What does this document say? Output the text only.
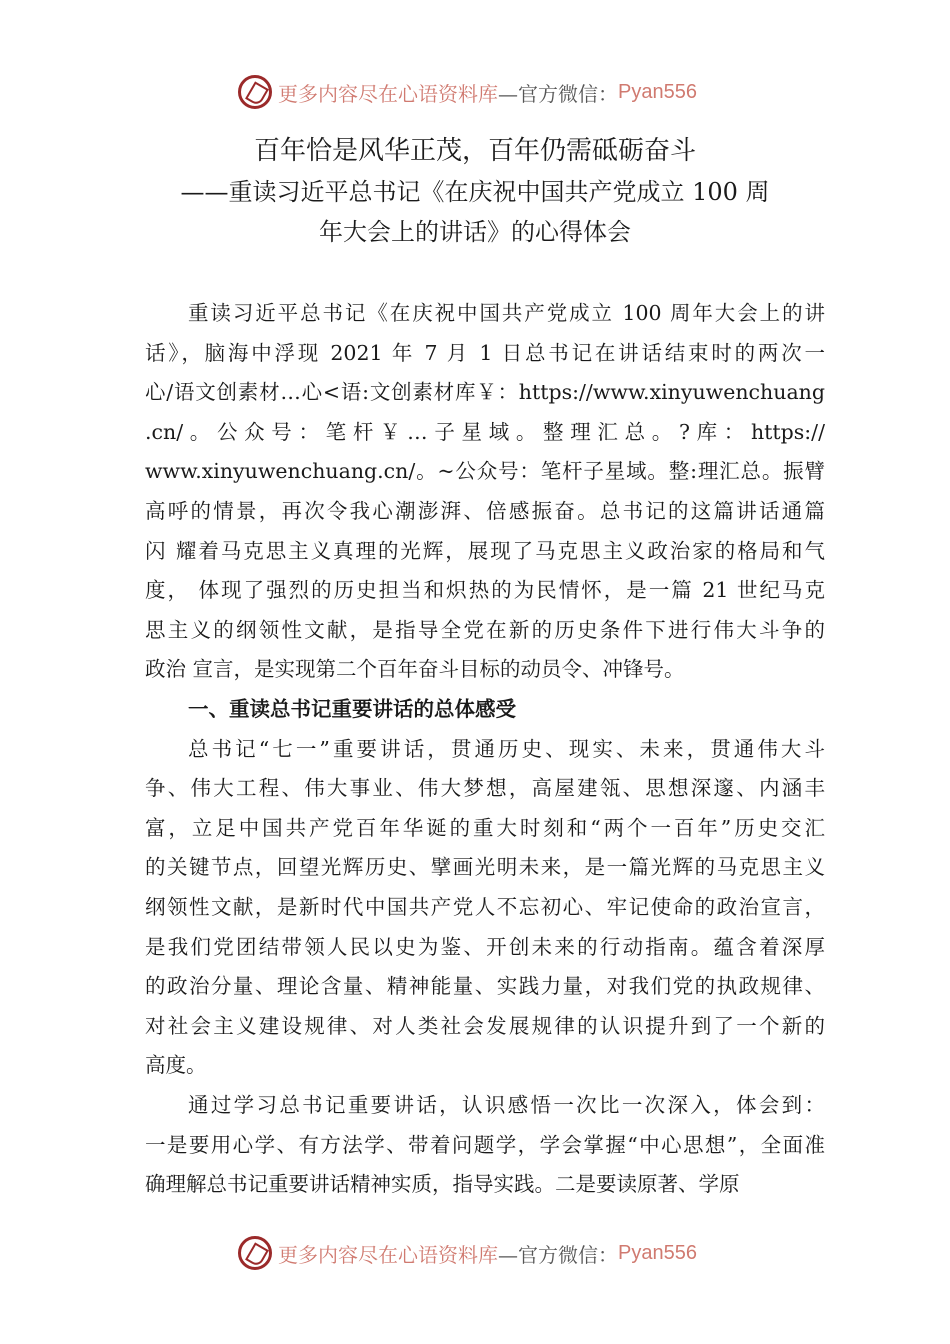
更多内容尽在心语资料库 —官方微信： Pyan556
百年恰是风华正茂，百年仍需砥砺奋斗
——重读习近平总书记《在庆祝中国共产党成立 100 周
年大会上的讲话》的心得体会
重读习近平总书记《在庆祝中国共产党成立 100 周年大会上的讲
话》，脑海中浮现 2021 年 7 月 1 日总书记在讲话结束时的两次一
心/语文创素材…心<语:文创素材库￥：https://www.xinyuwenchuang
.cn/。公众号：笔杆￥…子星域。整理汇总。?库：https://
www.xinyuwenchuang.cn/。~公众号：笔杆子星域。整:理汇总。振臂
高呼的情景，再次令我心潮澎湃、倍感振奋。总书记的这篇讲话通篇
闪 耀着马克思主义真理的光辉，展现了马克思主义政治家的格局和气
度， 体现了强烈的历史担当和炽热的为民情怀，是一篇 21 世纪马克
思主义的纲领性文献，是指导全党在新的历史条件下进行伟大斗争的
政治 宣言，是实现第二个百年奋斗目标的动员令、冲锋号。
一、重读总书记重要讲话的总体感受
总书记“七一”重要讲话，贯通历史、现实、未来，贯通伟大斗
争、伟大工程、伟大事业、伟大梦想，高屋建瓴、思想深邃、内涵丰
富，立足中国共产党百年华诞的重大时刻和“两个一百年”历史交汇
的关键节点，回望光辉历史、擘画光明未来，是一篇光辉的马克思主义
纲领性文献，是新时代中国共产党人不忘初心、牢记使命的政治宣言，
是我们党团结带领人民以史为鉴、开创未来的行动指南。蕴含着深厚
的政治分量、理论含量、精神能量、实践力量，对我们党的执政规律、
对社会主义建设规律、对人类社会发展规律的认识提升到了一个新的
高度。
通过学习总书记重要讲话，认识感悟一次比一次深入，体会到：
一是要用心学、有方法学、带着问题学，学会掌握“中心思想”，全面准
确理解总书记重要讲话精神实质，指导实践。二是要读原著、学原
更多内容尽在心语资料库 —官方微信： Pyan556
